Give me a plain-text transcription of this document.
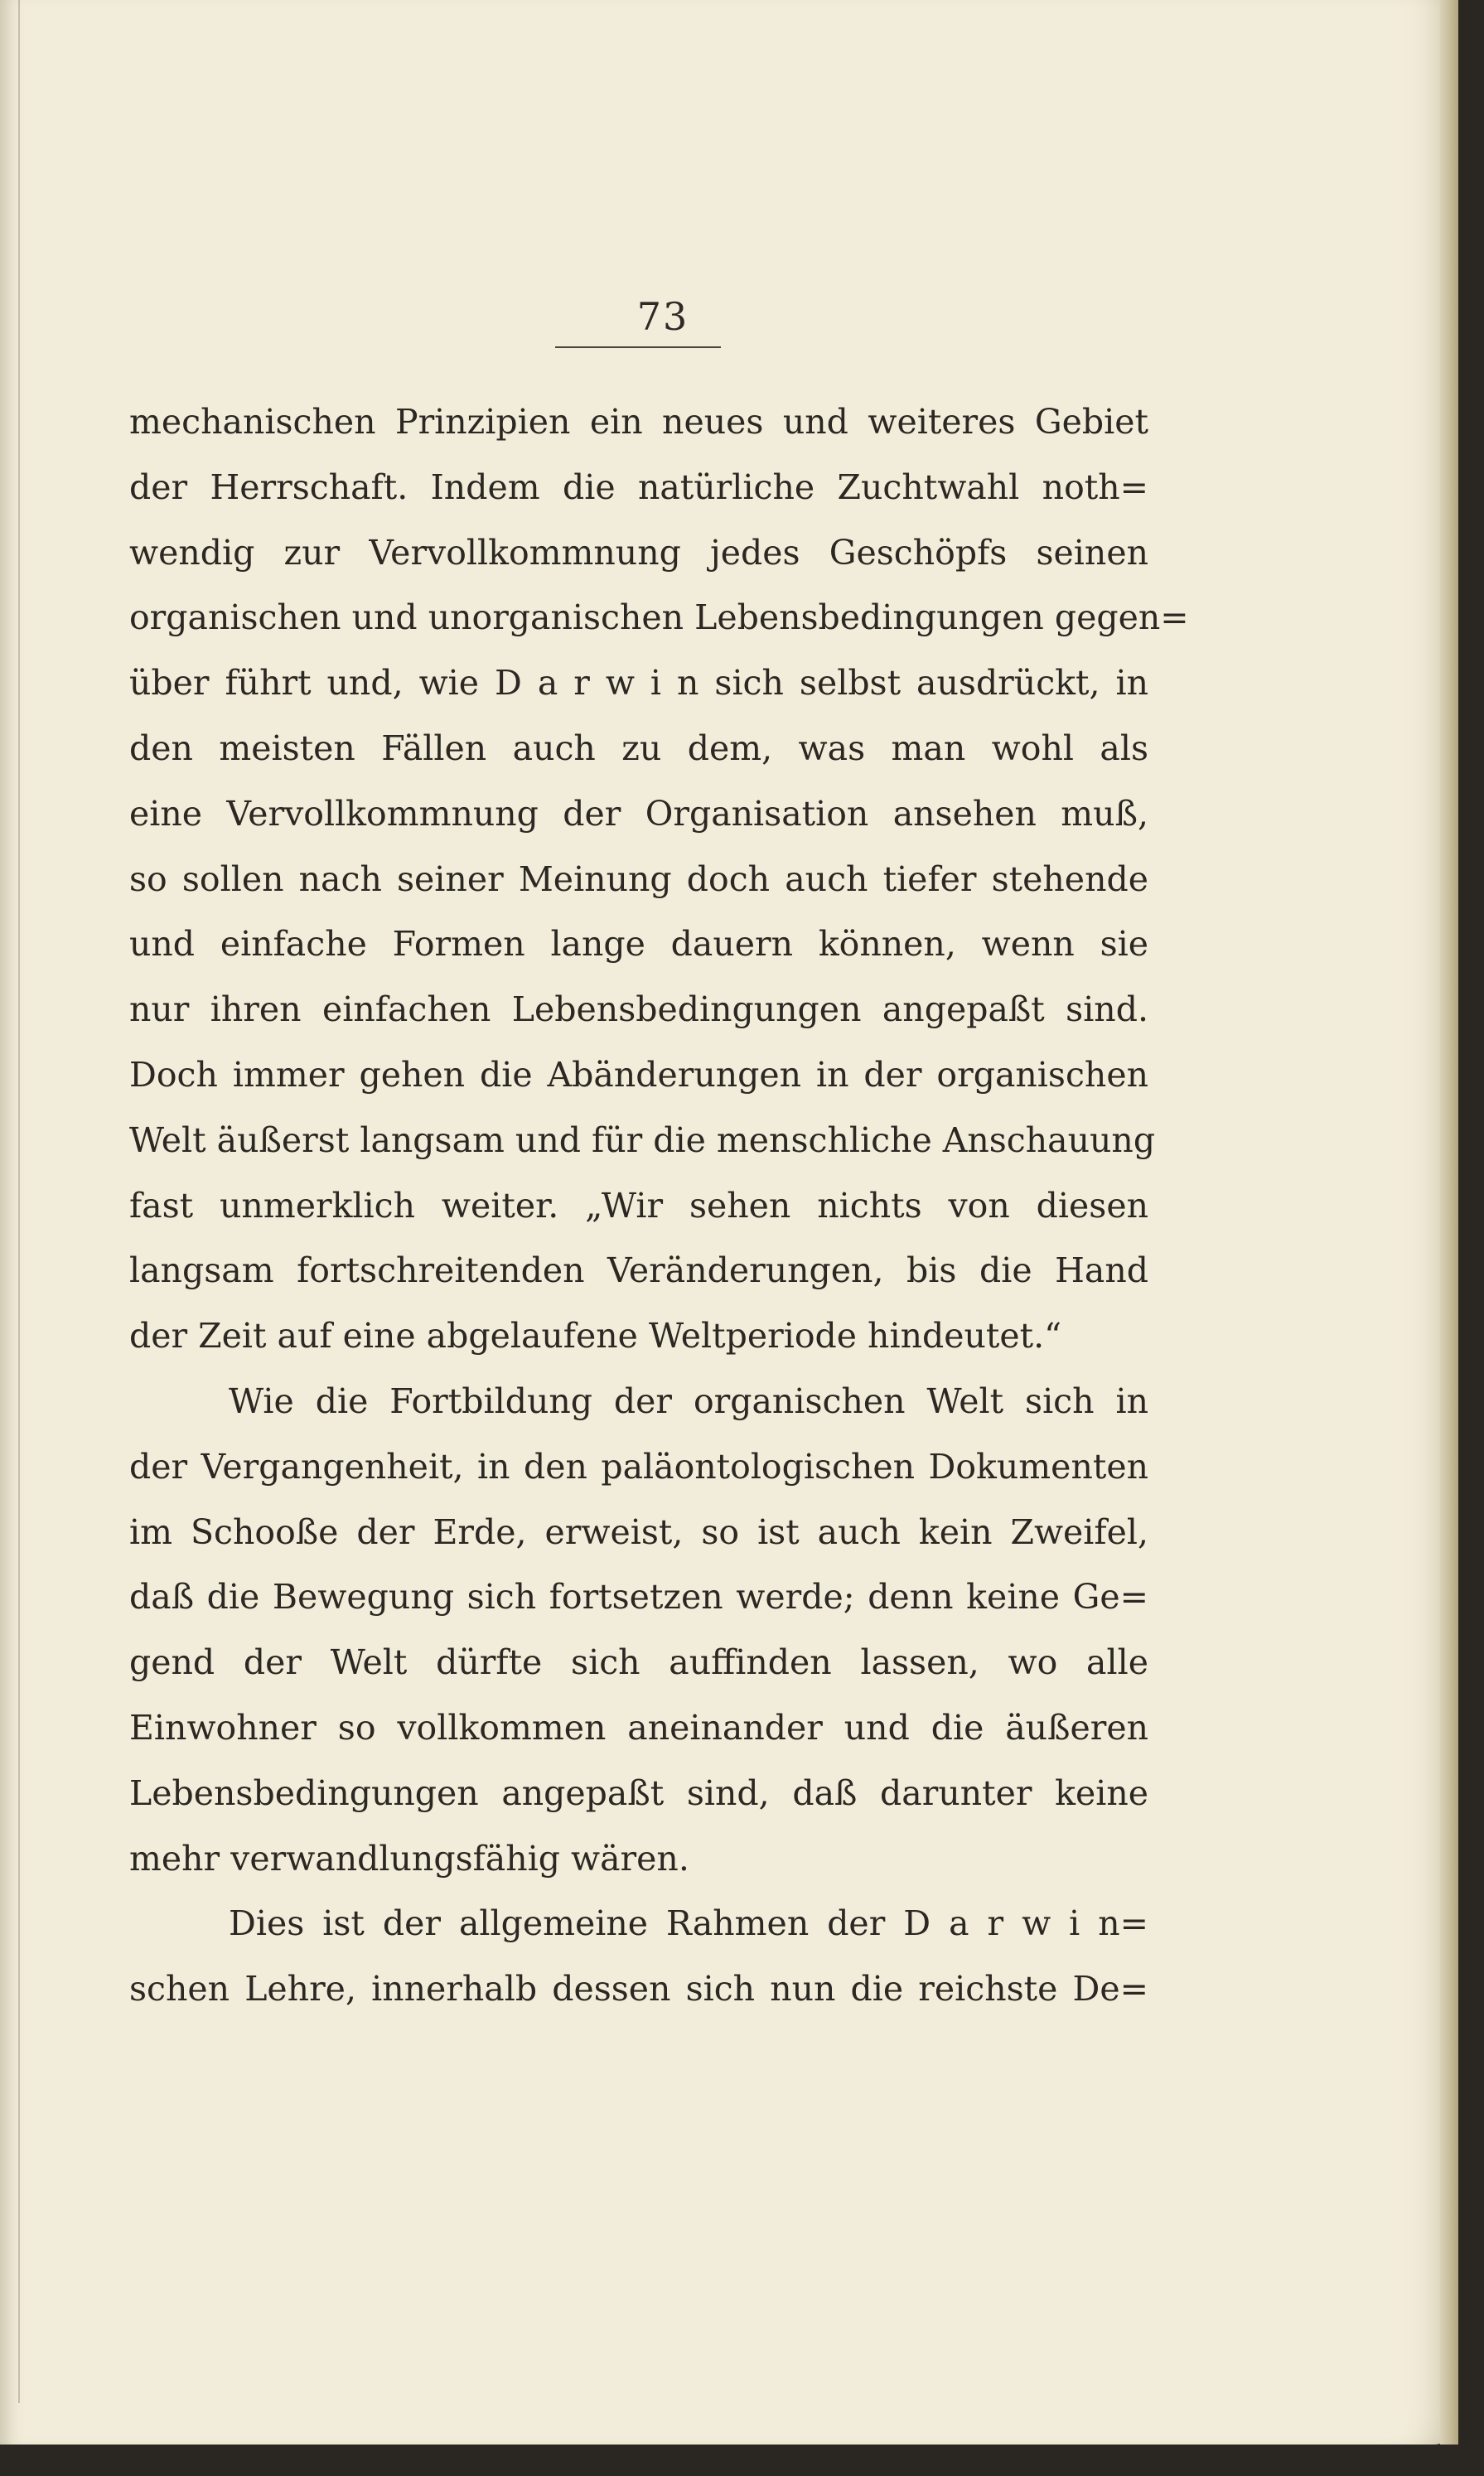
73
mechanischen Prinzipien ein neues und weiteres Gebiet
der Herrschaft. Indem die natürliche Zuchtwahl noth=
wendig zur Vervollkommnung jedes Geschöpfs seinen
organischen und unorganischen Lebensbedingungen gegen=
über führt und, wie D a r w i n sich selbst ausdrückt, in
den meisten Fällen auch zu dem, was man wohl als
eine Vervollkommnung der Organisation ansehen muß,
so sollen nach seiner Meinung doch auch tiefer stehende
und einfache Formen lange dauern können, wenn sie
nur ihren einfachen Lebensbedingungen angepaßt sind.
Doch immer gehen die Abänderungen in der organischen
Welt äußerst langsam und für die menschliche Anschauung
fast unmerklich weiter. „Wir sehen nichts von diesen
langsam fortschreitenden Veränderungen, bis die Hand
der Zeit auf eine abgelaufene Weltperiode hindeutet.“
Wie die Fortbildung der organischen Welt sich in
der Vergangenheit, in den paläontologischen Dokumenten
im Schooße der Erde, erweist, so ist auch kein Zweifel,
daß die Bewegung sich fortsetzen werde; denn keine Ge=
gend der Welt dürfte sich auffinden lassen, wo alle
Einwohner so vollkommen aneinander und die äußeren
Lebensbedingungen angepaßt sind, daß darunter keine
mehr verwandlungsfähig wären.
Dies ist der allgemeine Rahmen der D a r w i n=
schen Lehre, innerhalb dessen sich nun die reichste De=
